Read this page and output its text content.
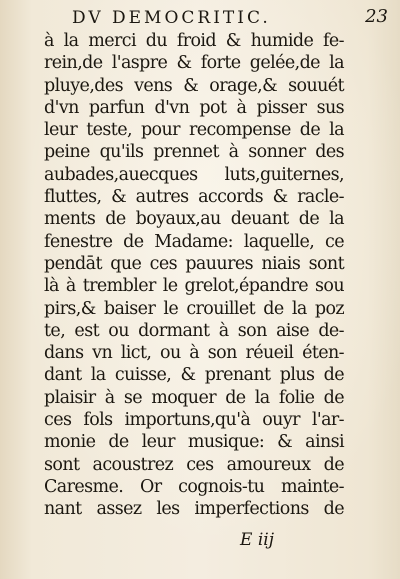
DV DEMOCRITIC.	23
à la merci du froid & humide fe-
rein,de l'aspre & forte gelée,de la
pluye,des vens & orage,& souuét
d'vn parfun d'vn pot à pisser sus
leur teste, pour recompense de la
peine qu'ils prennet à sonner des
aubades,auecques luts,guiternes,
fluttes, & autres accords & racle-
ments de boyaux,au deuant de la
fenestre de Madame: laquelle, ce
pendāt que ces pauures niais sont
là à trembler le grelot,épandre sou
pirs,& baiser le crouillet de la poz
te, est ou dormant à son aise de-
dans vn lict, ou à son réueil éten-
dant la cuisse, & prenant plus de
plaisir à se moquer de la folie de
ces fols importuns,qu'à ouyr l'ar-
monie de leur musique: & ainsi
sont acoustrez ces amoureux de
Caresme. Or cognois-tu mainte-
nant assez les imperfections de
E iij
